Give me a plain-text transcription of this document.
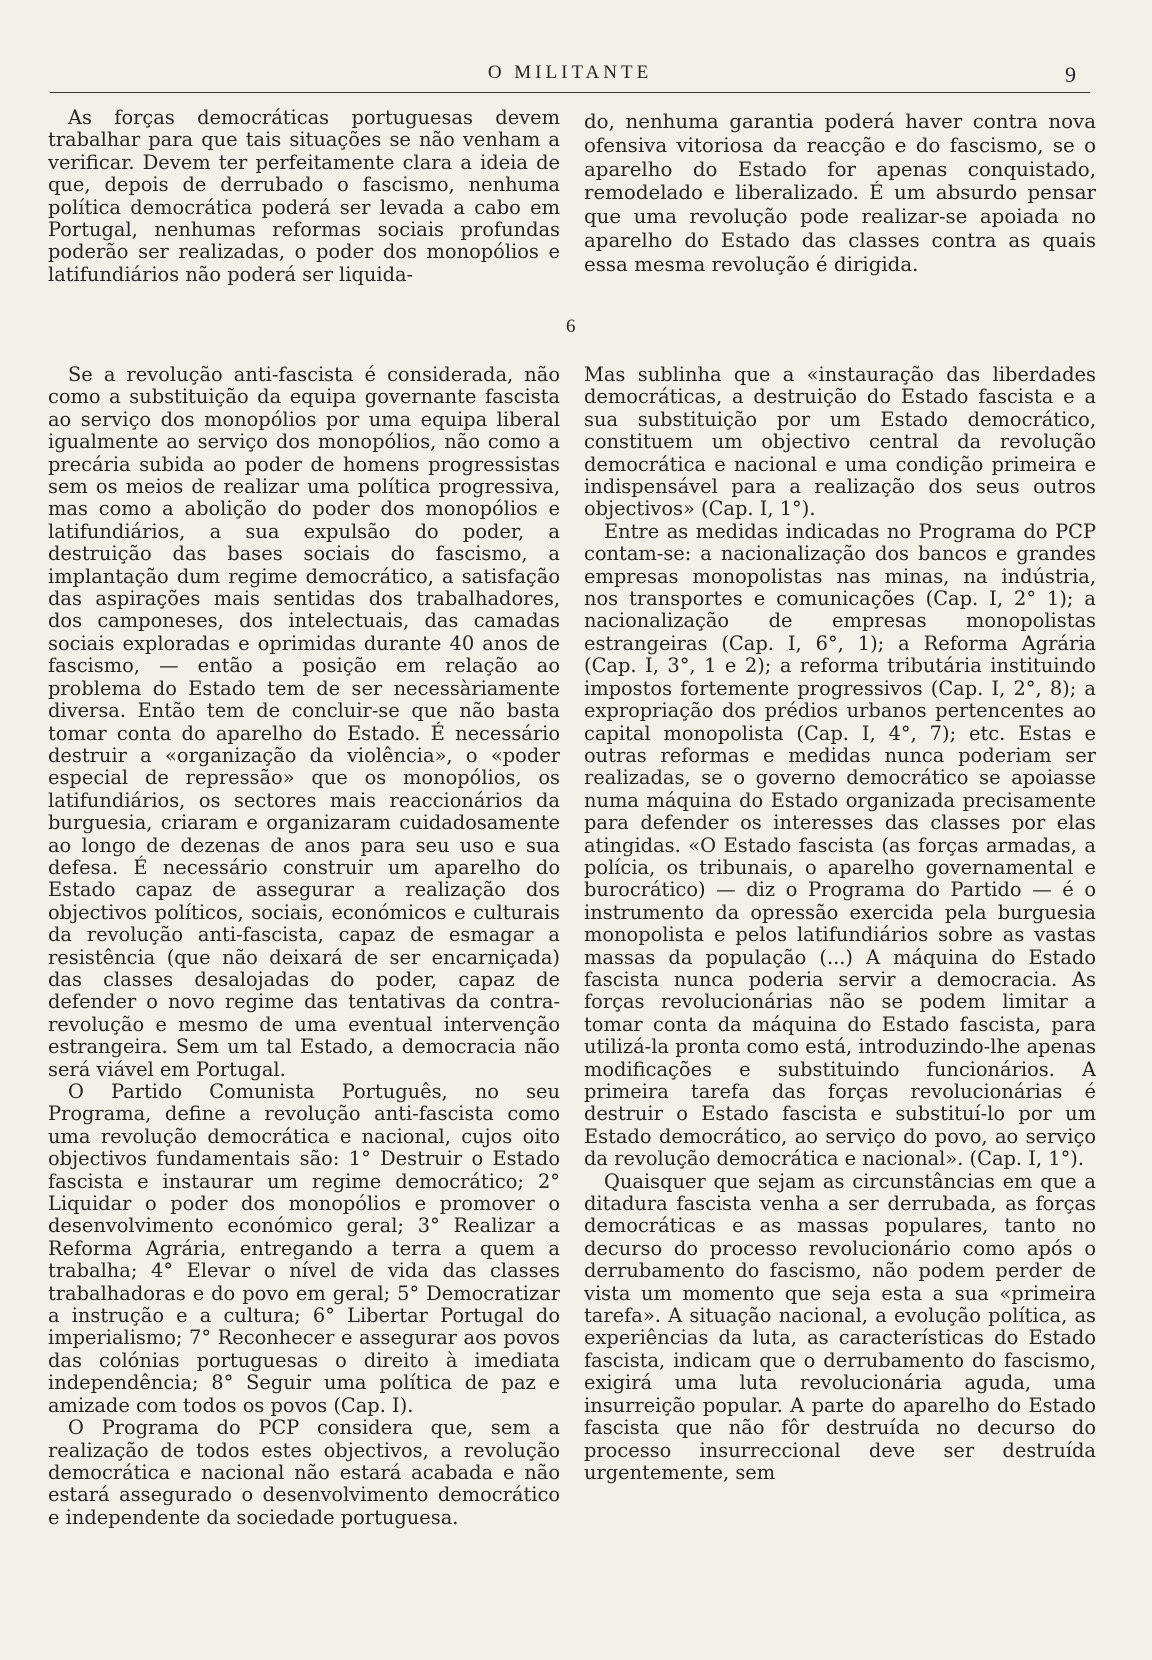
O MILITANTE	9

As forças democráticas portuguesas devem trabalhar para que tais situações se não venham a verificar. Devem ter perfeitamente clara a ideia de que, depois de derrubado o fascismo, nenhuma política democrática poderá ser levada a cabo em Portugal, nenhumas reformas sociais profundas poderão ser realizadas, o poder dos monopólios e latifundiários não poderá ser liquida-

do, nenhuma garantia poderá haver contra nova ofensiva vitoriosa da reacção e do fascismo, se o aparelho do Estado for apenas conquistado, remodelado e liberalizado. É um absurdo pensar que uma revolução pode realizar-se apoiada no aparelho do Estado das classes contra as quais essa mesma revolução é dirigida.

6

Se a revolução anti-fascista é considerada, não como a substituição da equipa governante fascista ao serviço dos monopólios por uma equipa liberal igualmente ao serviço dos monopólios, não como a precária subida ao poder de homens progressistas sem os meios de realizar uma política progressiva, mas como a abolição do poder dos monopólios e latifundiários, a sua expulsão do poder, a destruição das bases sociais do fascismo, a implantação dum regime democrático, a satisfação das aspirações mais sentidas dos trabalhadores, dos camponeses, dos intelectuais, das camadas sociais exploradas e oprimidas durante 40 anos de fascismo, — então a posição em relação ao problema do Estado tem de ser necessàriamente diversa. Então tem de concluir-se que não basta tomar conta do aparelho do Estado. É necessário destruir a «organização da violência», o «poder especial de repressão» que os monopólios, os latifundiários, os sectores mais reaccionários da burguesia, criaram e organizaram cuidadosamente ao longo de dezenas de anos para seu uso e sua defesa. É necessário construir um aparelho do Estado capaz de assegurar a realização dos objectivos políticos, sociais, económicos e culturais da revolução anti-fascista, capaz de esmagar a resistência (que não deixará de ser encarniçada) das classes desalojadas do poder, capaz de defender o novo regime das tentativas da contra-revolução e mesmo de uma eventual intervenção estrangeira. Sem um tal Estado, a democracia não será viável em Portugal.

O Partido Comunista Português, no seu Programa, define a revolução anti-fascista como uma revolução democrática e nacional, cujos oito objectivos fundamentais são: 1° Destruir o Estado fascista e instaurar um regime democrático; 2° Liquidar o poder dos monopólios e promover o desenvolvimento económico geral; 3° Realizar a Reforma Agrária, entregando a terra a quem a trabalha; 4° Elevar o nível de vida das classes trabalhadoras e do povo em geral; 5° Democratizar a instrução e a cultura; 6° Libertar Portugal do imperialismo; 7° Reconhecer e assegurar aos povos das colónias portuguesas o direito à imediata independência; 8° Seguir uma política de paz e amizade com todos os povos (Cap. I).

O Programa do PCP considera que, sem a realização de todos estes objectivos, a revolução democrática e nacional não estará acabada e não estará assegurado o desenvolvimento democrático e independente da sociedade portuguesa.

Mas sublinha que a «instauração das liberdades democráticas, a destruição do Estado fascista e a sua substituição por um Estado democrático, constituem um objectivo central da revolução democrática e nacional e uma condição primeira e indispensável para a realização dos seus outros objectivos» (Cap. I, 1°).

Entre as medidas indicadas no Programa do PCP contam-se: a nacionalização dos bancos e grandes empresas monopolistas nas minas, na indústria, nos transportes e comunicações (Cap. I, 2° 1); a nacionalização de empresas monopolistas estrangeiras (Cap. I, 6°, 1); a Reforma Agrária (Cap. I, 3°, 1 e 2); a reforma tributária instituindo impostos fortemente progressivos (Cap. I, 2°, 8); a expropriação dos prédios urbanos pertencentes ao capital monopolista (Cap. I, 4°, 7); etc. Estas e outras reformas e medidas nunca poderiam ser realizadas, se o governo democrático se apoiasse numa máquina do Estado organizada precisamente para defender os interesses das classes por elas atingidas. «O Estado fascista (as forças armadas, a polícia, os tribunais, o aparelho governamental e burocrático) — diz o Programa do Partido — é o instrumento da opressão exercida pela burguesia monopolista e pelos latifundiários sobre as vastas massas da população (...) A máquina do Estado fascista nunca poderia servir a democracia. As forças revolucionárias não se podem limitar a tomar conta da máquina do Estado fascista, para utilizá-la pronta como está, introduzindo-lhe apenas modificações e substituindo funcionários. A primeira tarefa das forças revolucionárias é destruir o Estado fascista e substituí-lo por um Estado democrático, ao serviço do povo, ao serviço da revolução democrática e nacional». (Cap. I, 1°).

Quaisquer que sejam as circunstâncias em que a ditadura fascista venha a ser derrubada, as forças democráticas e as massas populares, tanto no decurso do processo revolucionário como após o derrubamento do fascismo, não podem perder de vista um momento que seja esta a sua «primeira tarefa». A situação nacional, a evolução política, as experiências da luta, as características do Estado fascista, indicam que o derrubamento do fascismo, exigirá uma luta revolucionária aguda, uma insurreição popular. A parte do aparelho do Estado fascista que não fôr destruída no decurso do processo insurreccional deve ser destruída urgentemente, sem
